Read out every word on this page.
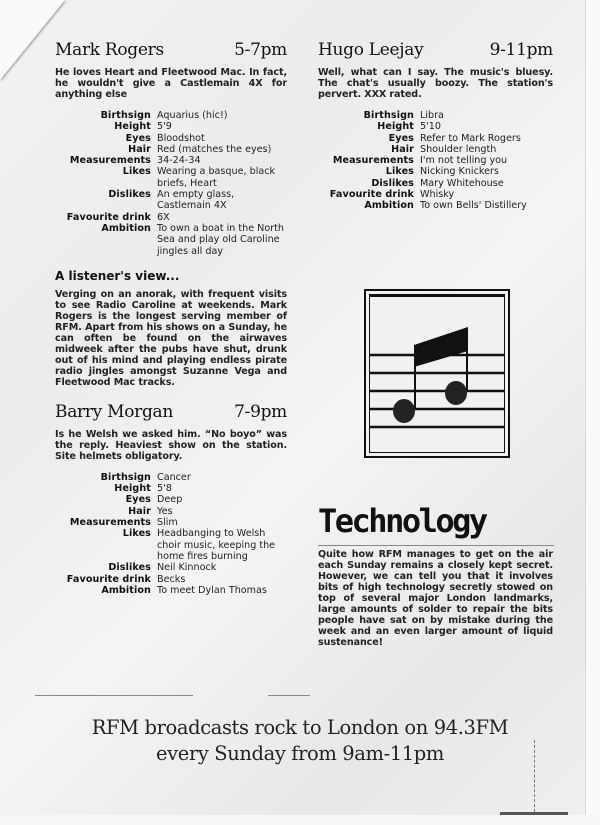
Mark Rogers	5-7pm

He loves Heart and Fleetwood Mac. In fact, he wouldn't give a Castlemain 4X for anything else

Birthsign Aquarius (hic!)
Height 5'9
Eyes Bloodshot
Hair Red (matches the eyes)
Measurements 34-24-34
Likes Wearing a basque, black briefs, Heart
Dislikes An empty glass, Castlemain 4X
Favourite drink 6X
Ambition To own a boat in the North Sea and play old Caroline jingles all day
A listener's view...

Verging on an anorak, with frequent visits to see Radio Caroline at weekends. Mark Rogers is the longest serving member of RFM. Apart from his shows on a Sunday, he can often be found on the airwaves midweek after the pubs have shut, drunk out of his mind and playing endless pirate radio jingles amongst Suzanne Vega and Fleetwood Mac tracks.

Barry Morgan	7-9pm

Is he Welsh we asked him. “No boyo” was the reply. Heaviest show on the station. Site helmets obligatory.

Birthsign Cancer
Height 5'8
Eyes Deep
Hair Yes
Measurements Slim
Likes Headbanging to Welsh choir music, keeping the home fires burning
Dislikes Neil Kinnock
Favourite drink Becks
Ambition To meet Dylan Thomas
Hugo Leejay	9-11pm

Well, what can I say. The music's bluesy. The chat's usually boozy. The station's pervert. XXX rated.

Birthsign Libra
Height 5'10
Eyes Refer to Mark Rogers
Hair Shoulder length
Measurements I'm not telling you
Likes Nicking Knickers
Dislikes Mary Whitehouse
Favourite drink Whisky
Ambition To own Bells' Distillery
Technology

Quite how RFM manages to get on the air each Sunday remains a closely kept secret. However, we can tell you that it involves bits of high technology secretly stowed on top of several major London landmarks, large amounts of solder to repair the bits people have sat on by mistake during the week and an even larger amount of liquid sustenance!

RFM broadcasts rock to London on 94.3FM
every Sunday from 9am-11pm
